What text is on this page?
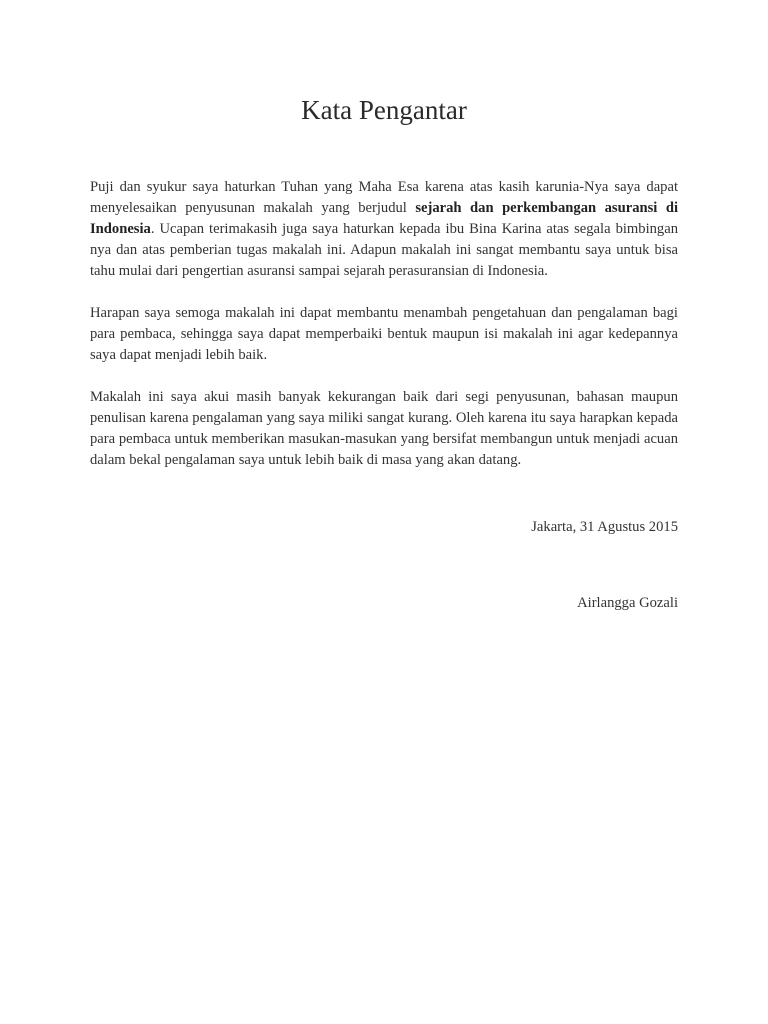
Kata Pengantar

Puji dan syukur saya haturkan Tuhan yang Maha Esa karena atas kasih karunia-Nya saya dapat menyelesaikan penyusunan makalah yang berjudul sejarah dan perkembangan asuransi di Indonesia. Ucapan terimakasih juga saya haturkan kepada ibu Bina Karina atas segala bimbingan nya dan atas pemberian tugas makalah ini. Adapun makalah ini sangat membantu saya untuk bisa tahu mulai dari pengertian asuransi sampai sejarah perasuransian di Indonesia.

Harapan saya semoga makalah ini dapat membantu menambah pengetahuan dan pengalaman bagi para pembaca, sehingga saya dapat memperbaiki bentuk maupun isi makalah ini agar kedepannya saya dapat menjadi lebih baik.

Makalah ini saya akui masih banyak kekurangan baik dari segi penyusunan, bahasan maupun penulisan karena pengalaman yang saya miliki sangat kurang. Oleh karena itu saya harapkan kepada para pembaca untuk memberikan masukan-masukan yang bersifat membangun untuk menjadi acuan dalam bekal pengalaman saya untuk lebih baik di masa yang akan datang.

Jakarta, 31 Agustus 2015
Airlangga Gozali
